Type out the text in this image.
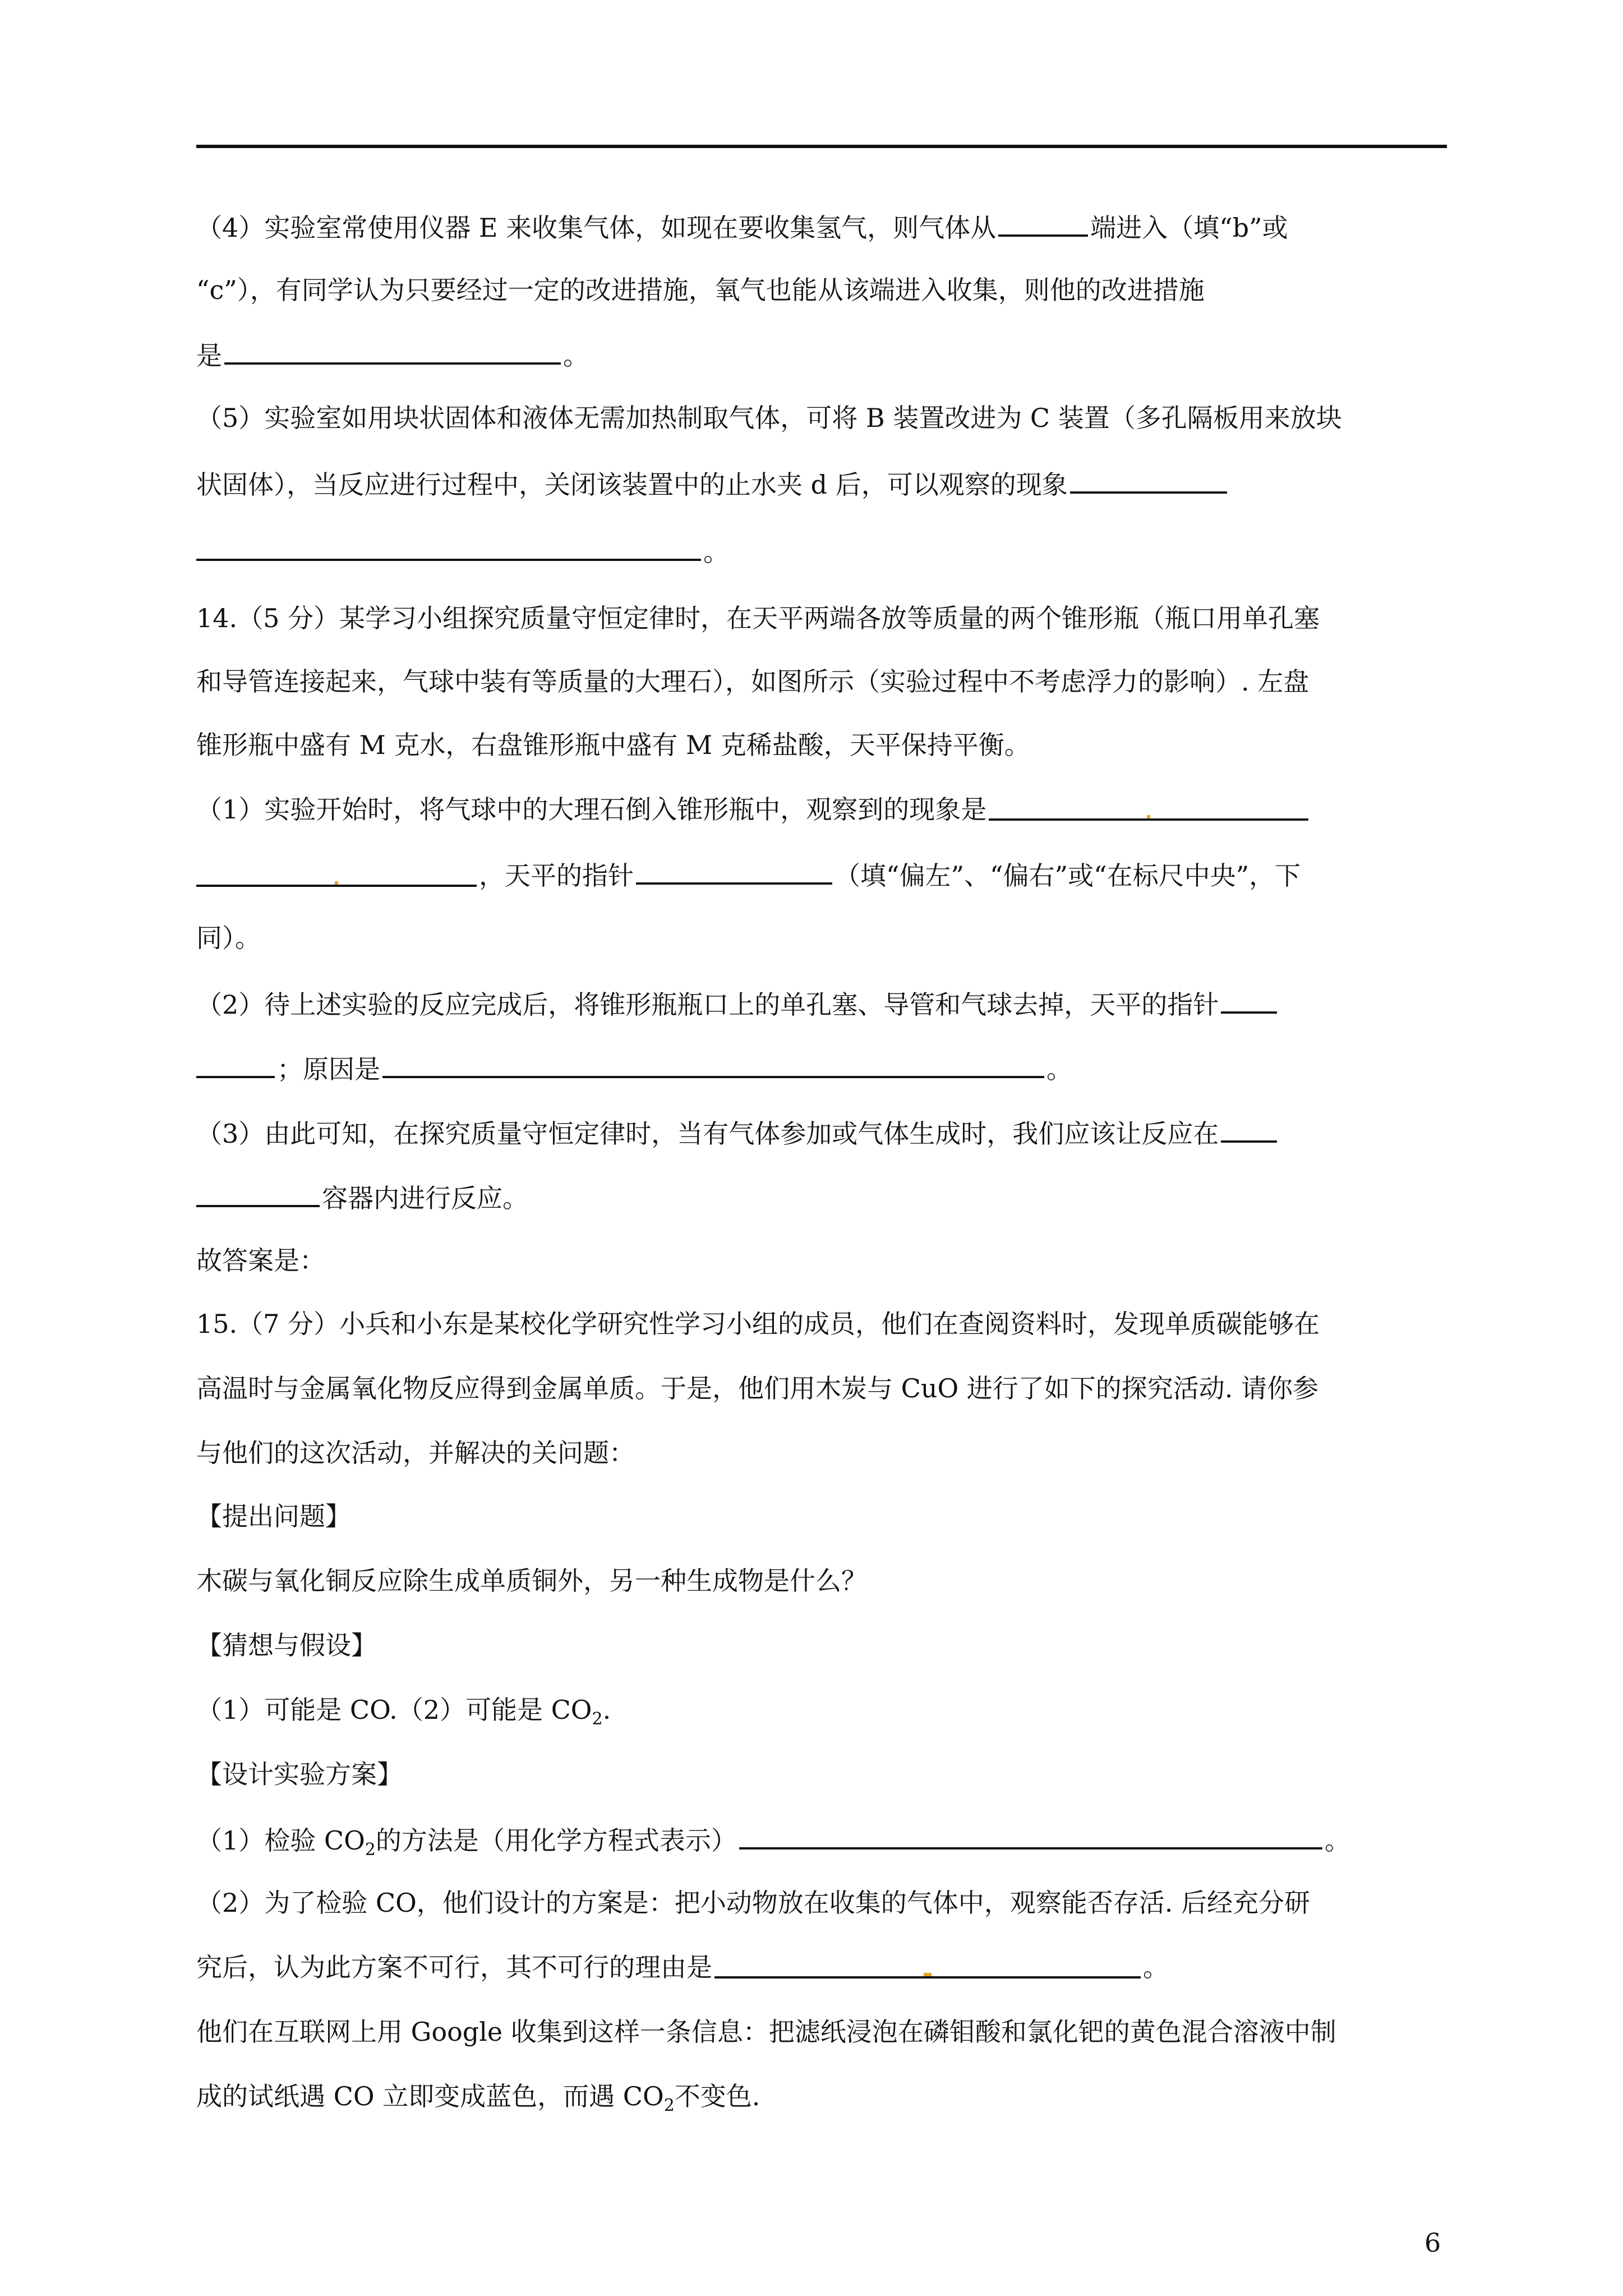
（4）实验室常使用仪器 E 来收集气体，如现在要收集氢气，则气体从	端进入（填“b”或
“c”），有同学认为只要经过一定的改进措施，氧气也能从该端进入收集，则他的改进措施
是	。
（5）实验室如用块状固体和液体无需加热制取气体，可将 B 装置改进为 C 装置（多孔隔板用来放块
状固体），当反应进行过程中，关闭该装置中的止水夹 d 后，可以观察的现象
。
14.（5 分）某学习小组探究质量守恒定律时，在天平两端各放等质量的两个锥形瓶（瓶口用单孔塞
和导管连接起来，气球中装有等质量的大理石），如图所示（实验过程中不考虑浮力的影响）. 左盘
锥形瓶中盛有 M 克水，右盘锥形瓶中盛有 M 克稀盐酸，天平保持平衡。
（1）实验开始时，将气球中的大理石倒入锥形瓶中，观察到的现象是
，天平的指针	（填“偏左”、“偏右”或“在标尺中央”，下
同）。
（2）待上述实验的反应完成后，将锥形瓶瓶口上的单孔塞、导管和气球去掉，天平的指针
；原因是	。
（3）由此可知，在探究质量守恒定律时，当有气体参加或气体生成时，我们应该让反应在
容器内进行反应。
故答案是：
15.（7 分）小兵和小东是某校化学研究性学习小组的成员，他们在查阅资料时，发现单质碳能够在
高温时与金属氧化物反应得到金属单质。于是，他们用木炭与 CuO 进行了如下的探究活动. 请你参
与他们的这次活动，并解决的关问题：
【提出问题】
木碳与氧化铜反应除生成单质铜外，另一种生成物是什么？
【猜想与假设】
（1）可能是 CO.（2）可能是 $CO_2$.
【设计实验方案】
（1）检验 $CO_2$的方法是（用化学方程式表示）	。
（2）为了检验 CO，他们设计的方案是：把小动物放在收集的气体中，观察能否存活. 后经充分研
究后，认为此方案不可行，其不可行的理由是	。
他们在互联网上用 Google 收集到这样一条信息：把滤纸浸泡在磷钼酸和氯化钯的黄色混合溶液中制
成的试纸遇 CO 立即变成蓝色，而遇 $CO_2$不变色.
6
